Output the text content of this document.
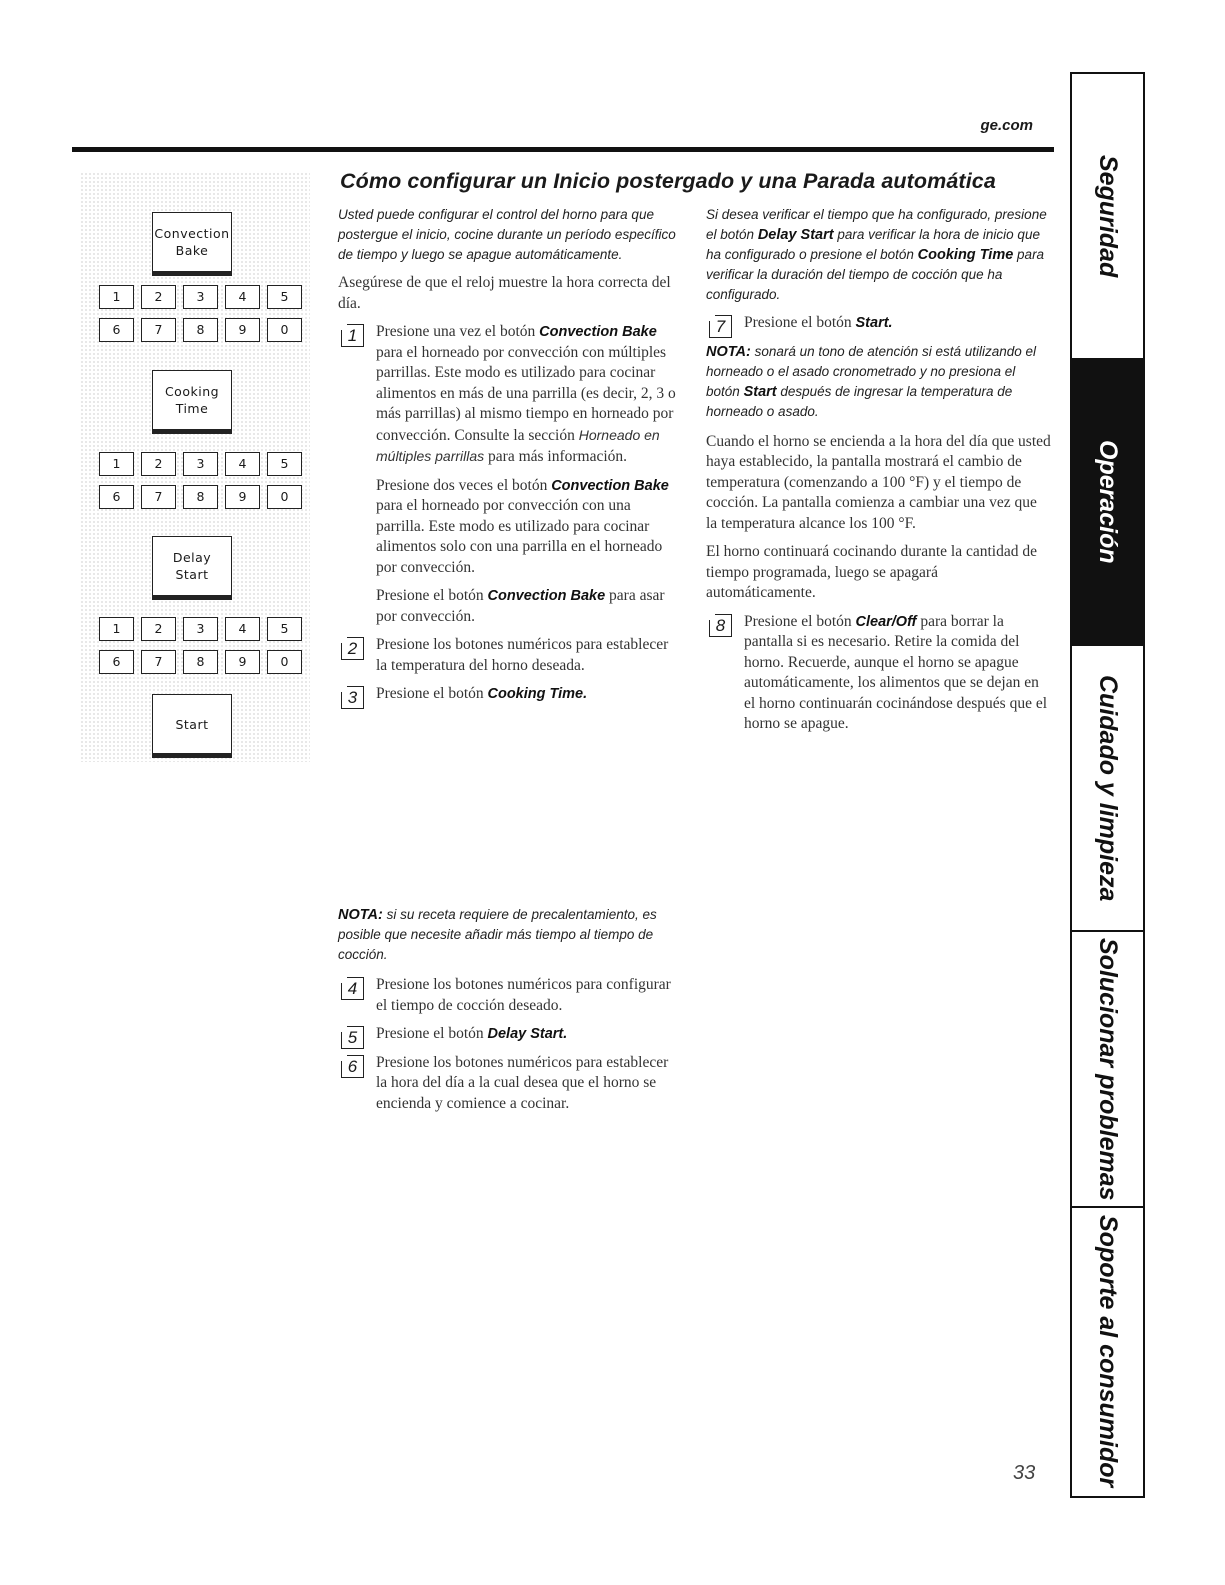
ge.com
Cómo configurar un Inicio postergado y una Parada automática
Convection
Bake
1	2	3	4	5
6	7	8	9	0
Cooking
Time
1	2	3	4	5
6	7	8	9	0
Delay
Start
1	2	3	4	5
6	7	8	9	0
Start

Usted puede configurar el control del horno para que postergue el inicio, cocine durante un período específico de tiempo y luego se apague automáticamente.

Asegúrese de que el reloj muestre la hora correcta del día.

1	Presione una vez el botón Convection Bake para el horneado por convección con múltiples parrillas. Este modo es utilizado para cocinar alimentos en más de una parrilla (es decir, 2, 3 o más parrillas) al mismo tiempo en horneado por convección. Consulte la sección Horneado en múltiples parrillas para más información.

Presione dos veces el botón Convection Bake para el horneado por convección con una parrilla. Este modo es utilizado para cocinar alimentos solo con una parrilla en el horneado por convección.

Presione el botón Convection Bake para asar por convección.

2	Presione los botones numéricos para establecer la temperatura del horno deseada.

3	Presione el botón Cooking Time.

NOTA: si su receta requiere de precalentamiento, es posible que necesite añadir más tiempo al tiempo de cocción.

4	Presione los botones numéricos para configurar el tiempo de cocción deseado.

5	Presione el botón Delay Start.

6	Presione los botones numéricos para establecer la hora del día a la cual desea que el horno se encienda y comience a cocinar.

Si desea verificar el tiempo que ha configurado, presione el botón Delay Start para verificar la hora de inicio que ha configurado o presione el botón Cooking Time para verificar la duración del tiempo de cocción que ha configurado.

7	Presione el botón Start.

NOTA: sonará un tono de atención si está utilizando el horneado o el asado cronometrado y no presiona el botón Start después de ingresar la temperatura de horneado o asado.

Cuando el horno se encienda a la hora del día que usted haya establecido, la pantalla mostrará el cambio de temperatura (comenzando a 100 °F) y el tiempo de cocción. La pantalla comienza a cambiar una vez que la temperatura alcance los 100 °F.

El horno continuará cocinando durante la cantidad de tiempo programada, luego se apagará automáticamente.

8	Presione el botón Clear/Off para borrar la pantalla si es necesario. Retire la comida del horno. Recuerde, aunque el horno se apague automáticamente, los alimentos que se dejan en el horno continuarán cocinándose después que el horno se apague.

Seguridad
Operación
Cuidado y limpieza
Solucionar problemas
Soporte al consumidor
33
